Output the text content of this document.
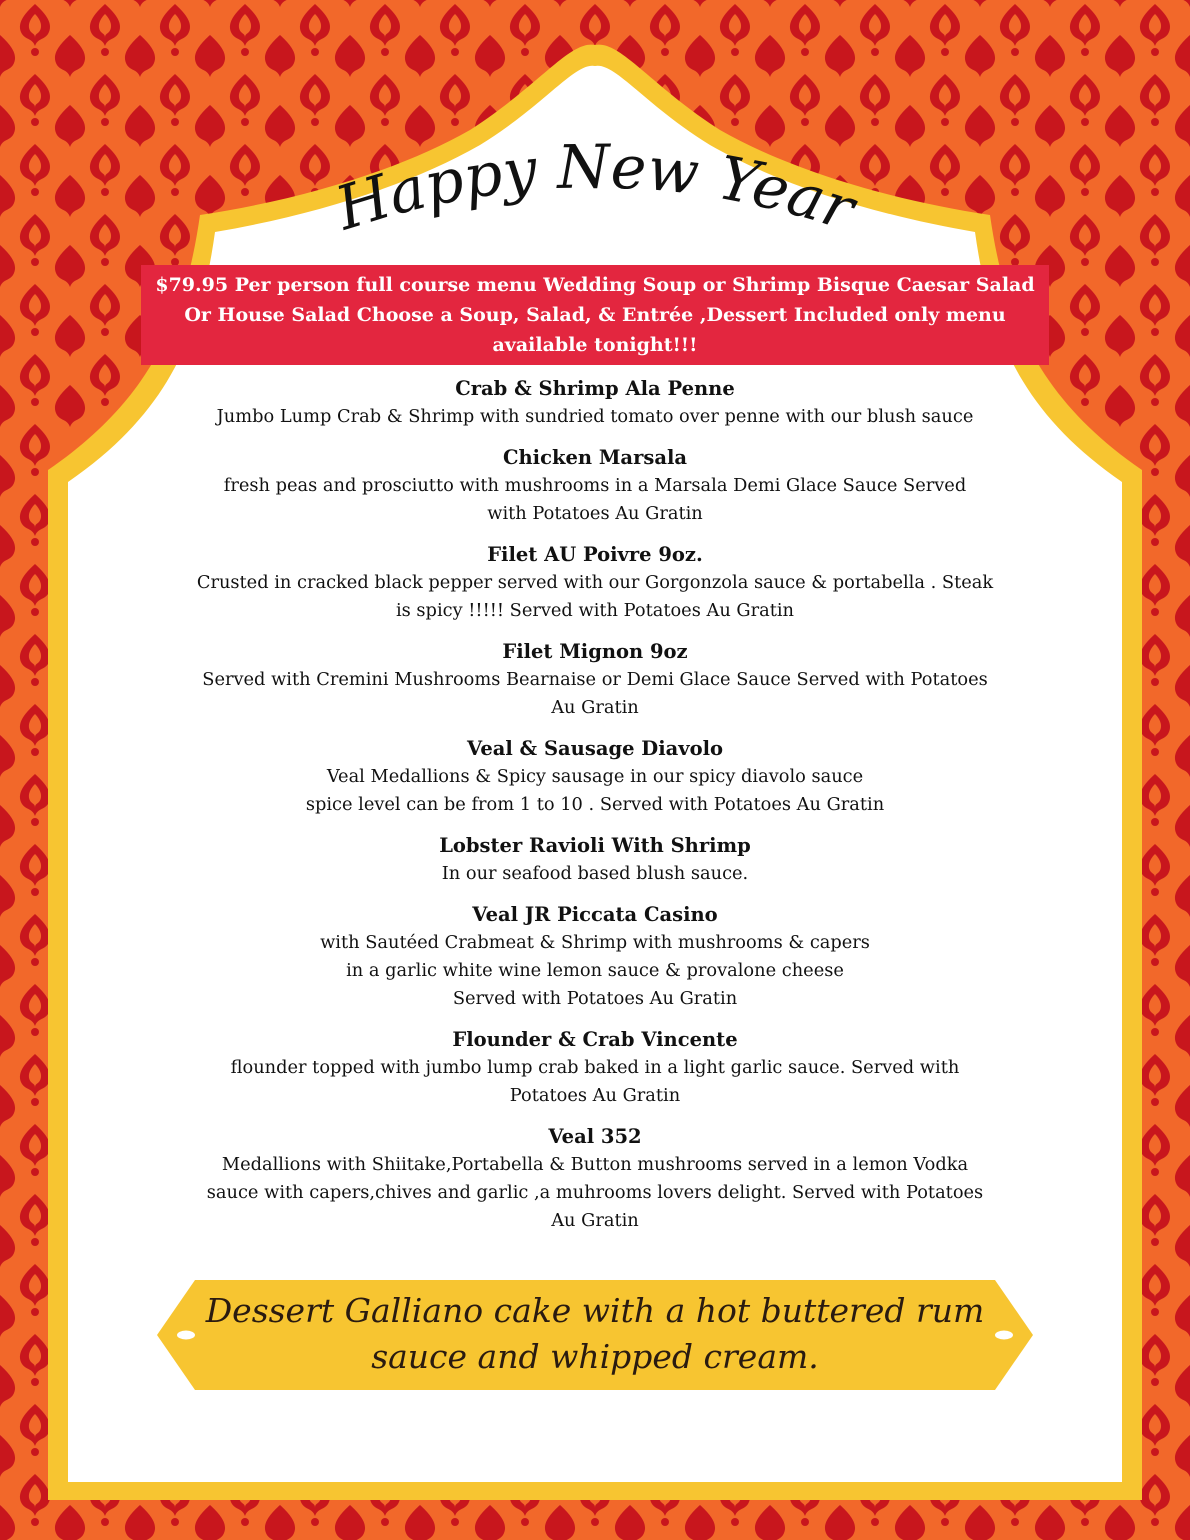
Happy New Year
$79.95 Per person full course menu Wedding Soup or Shrimp Bisque Caesar Salad Or House Salad Choose a Soup, Salad, & Entrée ,Dessert Included only menu available tonight!!!
Crab & Shrimp Ala Penne
Jumbo Lump Crab & Shrimp with sundried tomato over penne with our blush sauce
Chicken Marsala
fresh peas and prosciutto with mushrooms in a Marsala Demi Glace Sauce Served
with Potatoes Au Gratin
Filet AU Poivre 9oz.
Crusted in cracked black pepper served with our Gorgonzola sauce & portabella . Steak
is spicy !!!!! Served with Potatoes Au Gratin
Filet Mignon 9oz
Served with Cremini Mushrooms Bearnaise or Demi Glace Sauce Served with Potatoes
Au Gratin
Veal & Sausage Diavolo
Veal Medallions & Spicy sausage in our spicy diavolo sauce
spice level can be from 1 to 10 . Served with Potatoes Au Gratin
Lobster Ravioli With Shrimp
In our seafood based blush sauce.
Veal JR Piccata Casino
with Sautéed Crabmeat & Shrimp with mushrooms & capers
in a garlic white wine lemon sauce & provalone cheese
Served with Potatoes Au Gratin
Flounder & Crab Vincente
flounder topped with jumbo lump crab baked in a light garlic sauce. Served with
Potatoes Au Gratin
Veal 352
Medallions with Shiitake,Portabella & Button mushrooms served in a lemon Vodka
sauce with capers,chives and garlic ,a muhrooms lovers delight. Served with Potatoes
Au Gratin
Dessert Galliano cake with a hot buttered rum
sauce and whipped cream.
